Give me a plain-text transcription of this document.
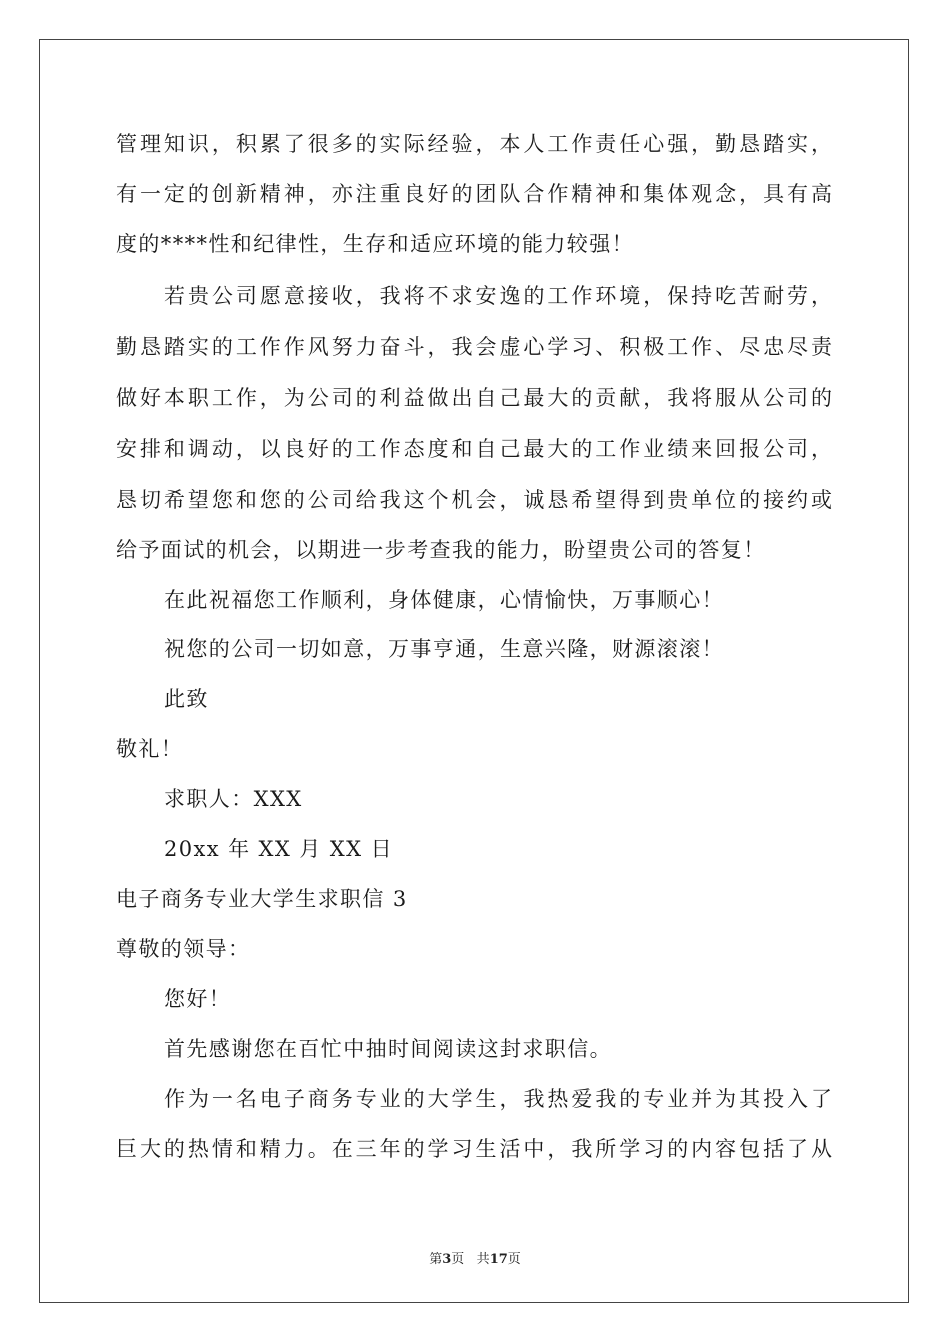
管理知识，积累了很多的实际经验，本人工作责任心强，勤恳踏实，
有一定的创新精神，亦注重良好的团队合作精神和集体观念，具有高
度的****性和纪律性，生存和适应环境的能力较强！
若贵公司愿意接收，我将不求安逸的工作环境，保持吃苦耐劳，
勤恳踏实的工作作风努力奋斗，我会虚心学习、积极工作、尽忠尽责
做好本职工作，为公司的利益做出自己最大的贡献，我将服从公司的
安排和调动，以良好的工作态度和自己最大的工作业绩来回报公司，
恳切希望您和您的公司给我这个机会，诚恳希望得到贵单位的接约或
给予面试的机会，以期进一步考查我的能力，盼望贵公司的答复！
在此祝福您工作顺利，身体健康，心情愉快，万事顺心！
祝您的公司一切如意，万事亨通，生意兴隆，财源滚滚！
此致
敬礼！
求职人：XXX
20xx 年 XX 月 XX 日
电子商务专业大学生求职信 3
尊敬的领导：
您好！
首先感谢您在百忙中抽时间阅读这封求职信。
作为一名电子商务专业的大学生，我热爱我的专业并为其投入了
巨大的热情和精力。在三年的学习生活中，我所学习的内容包括了从
第3页 共17页
